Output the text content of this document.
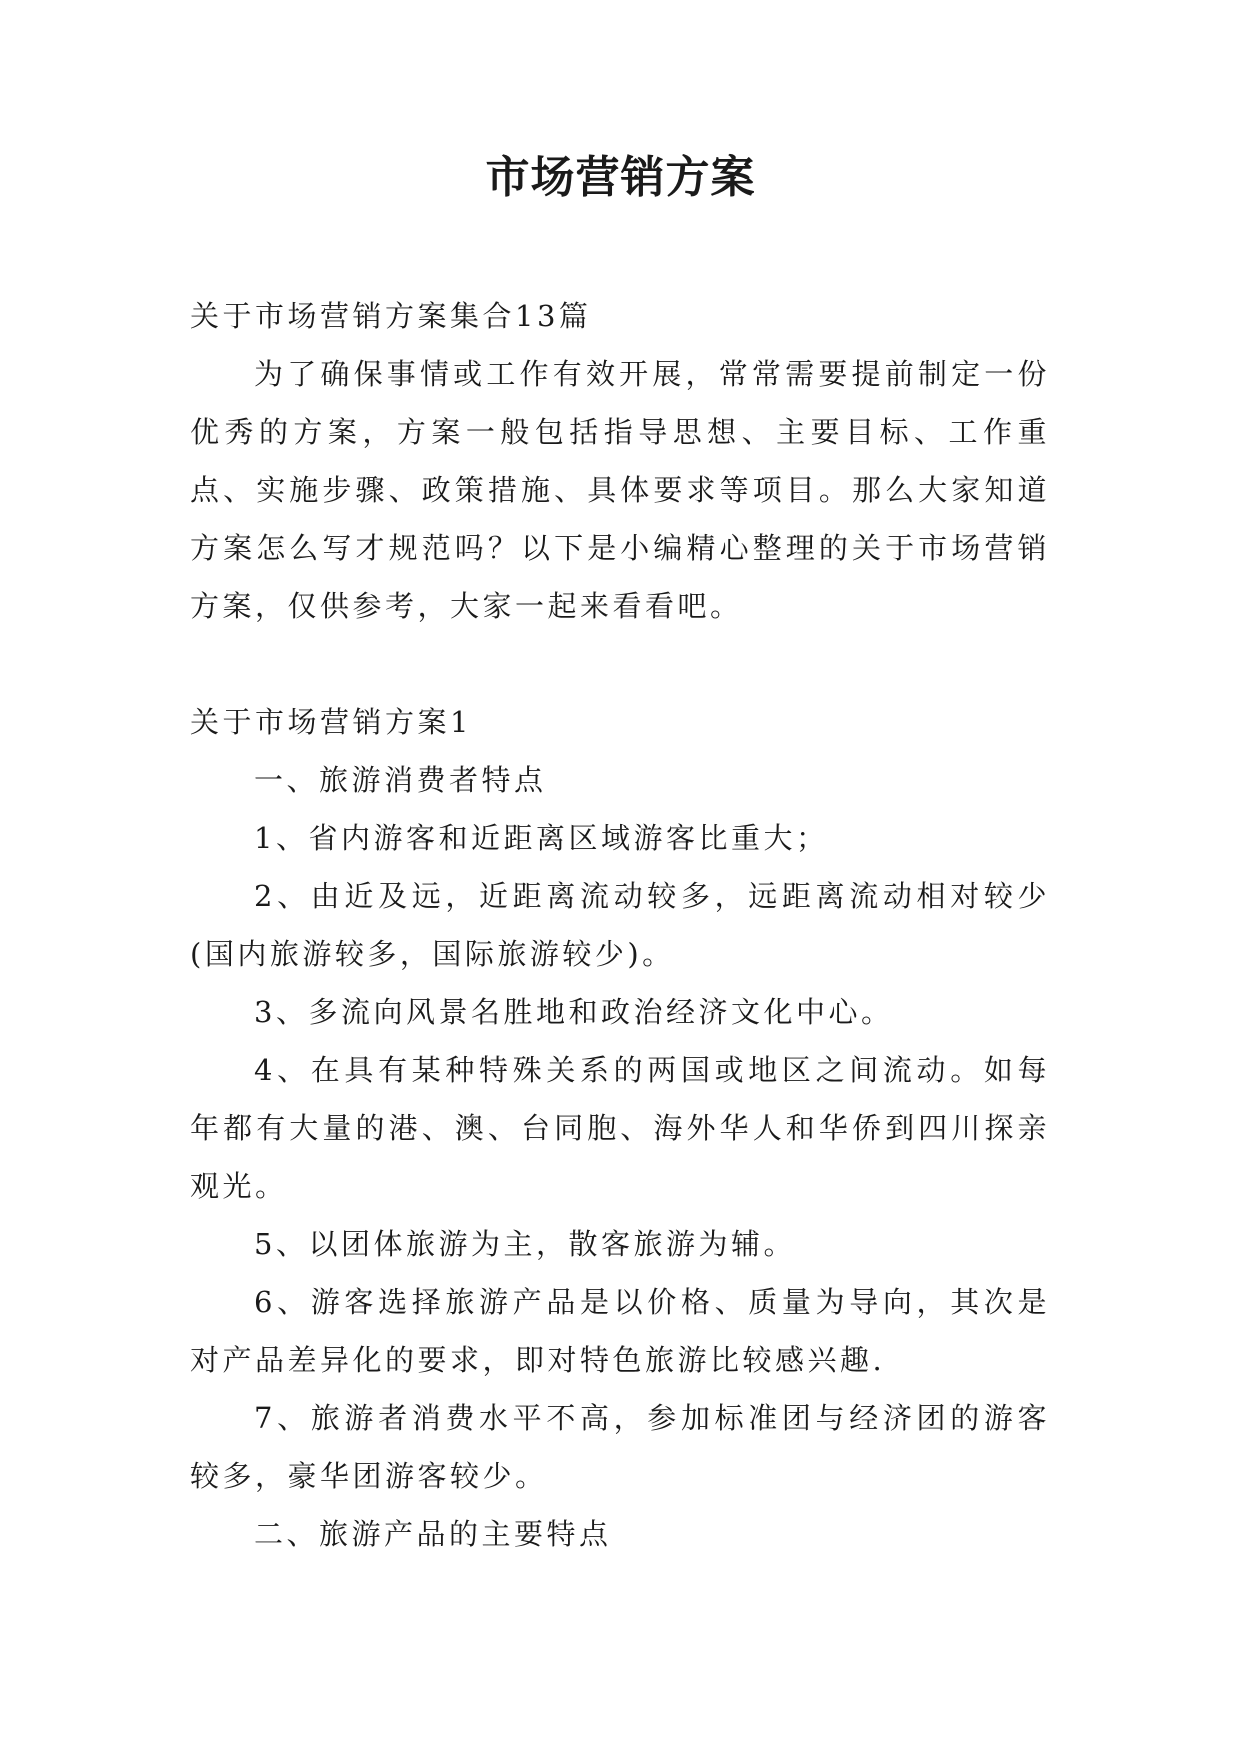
市场营销方案

关于市场营销方案集合13篇

为了确保事情或工作有效开展，常常需要提前制定一份优秀的方案，方案一般包括指导思想、主要目标、工作重点、实施步骤、政策措施、具体要求等项目。那么大家知道方案怎么写才规范吗？以下是小编精心整理的关于市场营销方案，仅供参考，大家一起来看看吧。

关于市场营销方案1

一、旅游消费者特点

1、省内游客和近距离区域游客比重大；

2、由近及远，近距离流动较多，远距离流动相对较少(国内旅游较多，国际旅游较少)。

3、多流向风景名胜地和政治经济文化中心。

4、在具有某种特殊关系的两国或地区之间流动。如每年都有大量的港、澳、台同胞、海外华人和华侨到四川探亲观光。

5、以团体旅游为主，散客旅游为辅。

6、游客选择旅游产品是以价格、质量为导向，其次是对产品差异化的要求，即对特色旅游比较感兴趣.

7、旅游者消费水平不高，参加标准团与经济团的游客较多，豪华团游客较少。

二、旅游产品的主要特点
